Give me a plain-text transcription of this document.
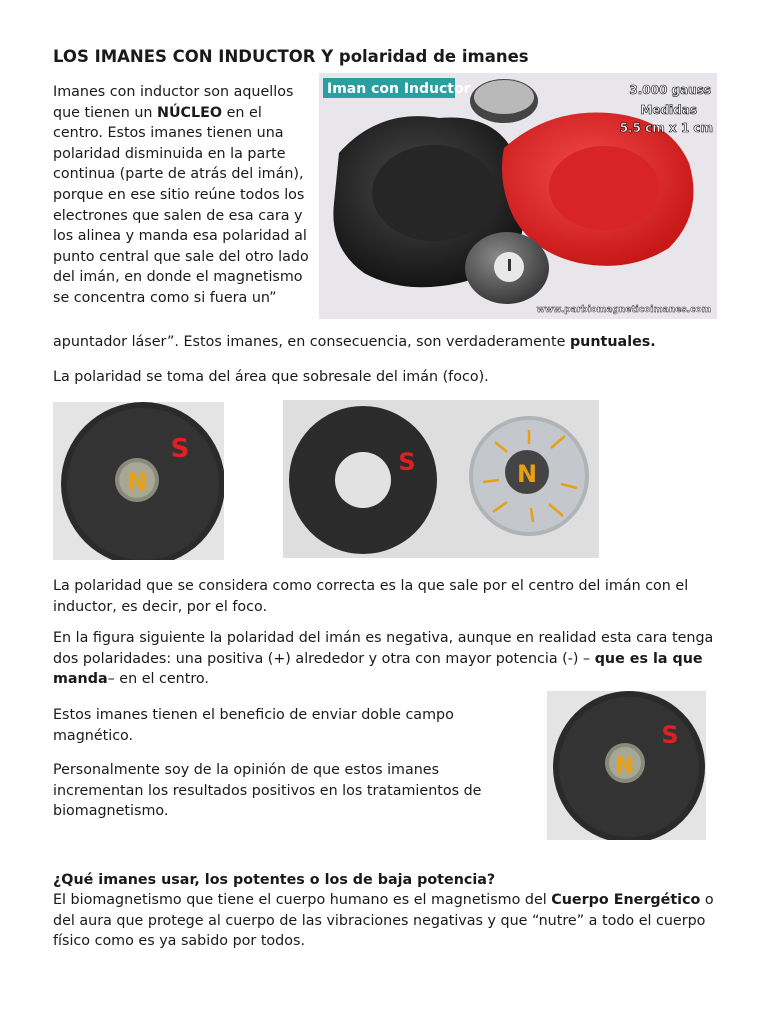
LOS IMANES CON INDUCTOR Y polaridad de imanes
Imanes con inductor son aquellos que tienen un NÚCLEO en el centro. Estos imanes tienen una polaridad disminuida en la parte continua (parte de atrás del imán), porque en ese sitio reúne todos los electrones que salen de esa cara y los alinea y manda esa polaridad al punto central que sale del otro lado del imán, en donde el magnetismo se concentra como si fuera un”
apuntador láser”. Estos imanes, en consecuencia, son verdaderamente puntuales.
Iman con Inductor	3.000 gauss
Medidas
5.5 cm x 1 cm
www.parbiomagneticoimanes.com
La polaridad se toma del área que sobresale del imán (foco).
N
S	S	N
La polaridad que se considera como correcta es la que sale por el centro del imán con el inductor, es decir, por el foco.
En la figura siguiente la polaridad del imán es negativa, aunque en realidad esta cara tenga dos polaridades: una positiva (+) alrededor y otra con mayor potencia (-) – que es la que manda– en el centro.
Estos imanes tienen el beneficio de enviar doble campo magnético.
Personalmente soy de la opinión de que estos imanes incrementan los resultados positivos en los tratamientos de biomagnetismo.
N
S
¿Qué imanes usar, los potentes o los de baja potencia?
El biomagnetismo que tiene el cuerpo humano es el magnetismo del Cuerpo Energético o del aura que protege al cuerpo de las vibraciones negativas y que “nutre” a todo el cuerpo físico como es ya sabido por todos.
